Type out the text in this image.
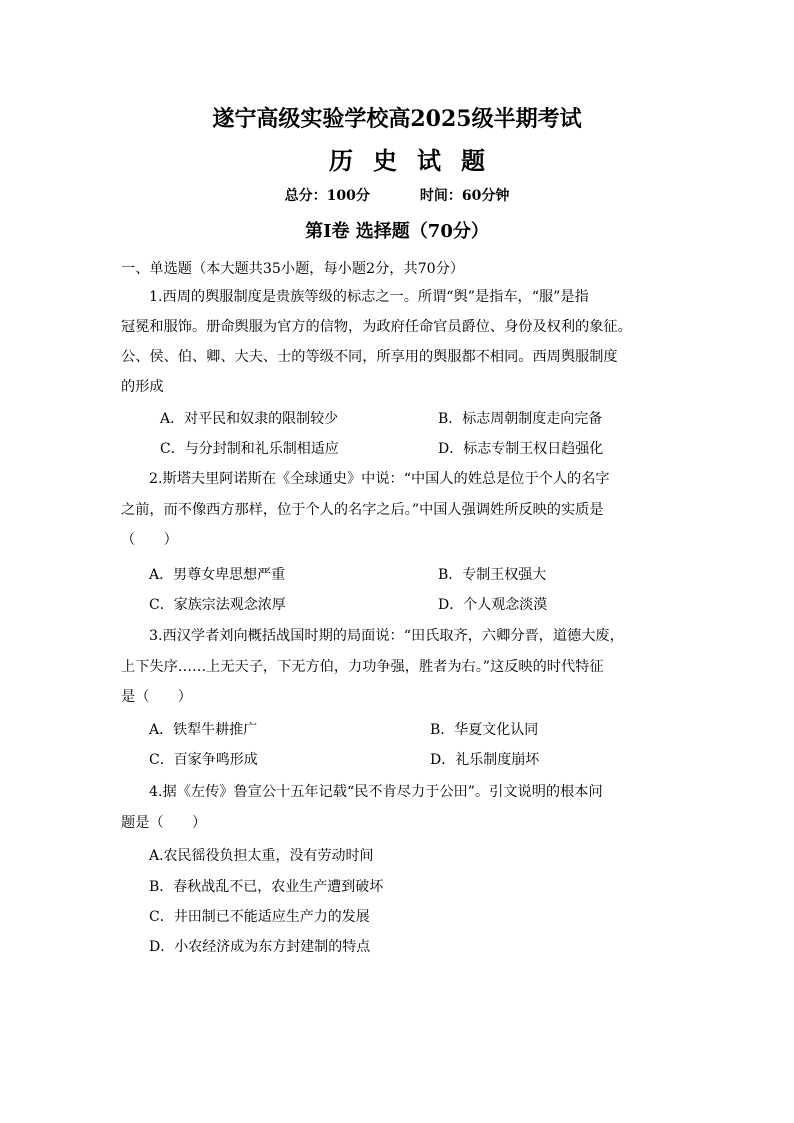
遂宁高级实验学校高2025级半期考试
历史试题
总分：100分	时间：60分钟
第Ⅰ卷 选择题（70分）
一、单选题（本大题共35小题，每小题2分，共70分）
1.西周的舆服制度是贵族等级的标志之一。所谓“舆”是指车，“服”是指
冠冕和服饰。册命舆服为官方的信物，为政府任命官员爵位、身份及权利的象征。
公、侯、伯、卿、大夫、士的等级不同，所享用的舆服都不相同。西周舆服制度
的形成
A．对平民和奴隶的限制较少	B．标志周朝制度走向完备
C．与分封制和礼乐制相适应	D．标志专制王权日趋强化
2.斯塔夫里阿诺斯在《全球通史》中说：“中国人的姓总是位于个人的名字
之前，而不像西方那样，位于个人的名字之后。”中国人强调姓所反映的实质是
（　　）
A．男尊女卑思想严重	B．专制王权强大
C．家族宗法观念浓厚	D．个人观念淡漠
3.西汉学者刘向概括战国时期的局面说：“田氏取齐，六卿分晋，道德大废，
上下失序……上无天子，下无方伯，力功争强，胜者为右。”这反映的时代特征
是（　　）
A．铁犁牛耕推广	B．华夏文化认同
C．百家争鸣形成	D．礼乐制度崩坏
4.据《左传》鲁宣公十五年记载“民不肯尽力于公田”。引文说明的根本问
题是（　　）
A.农民徭役负担太重，没有劳动时间
B．春秋战乱不已，农业生产遭到破坏
C．井田制已不能适应生产力的发展
D．小农经济成为东方封建制的特点
